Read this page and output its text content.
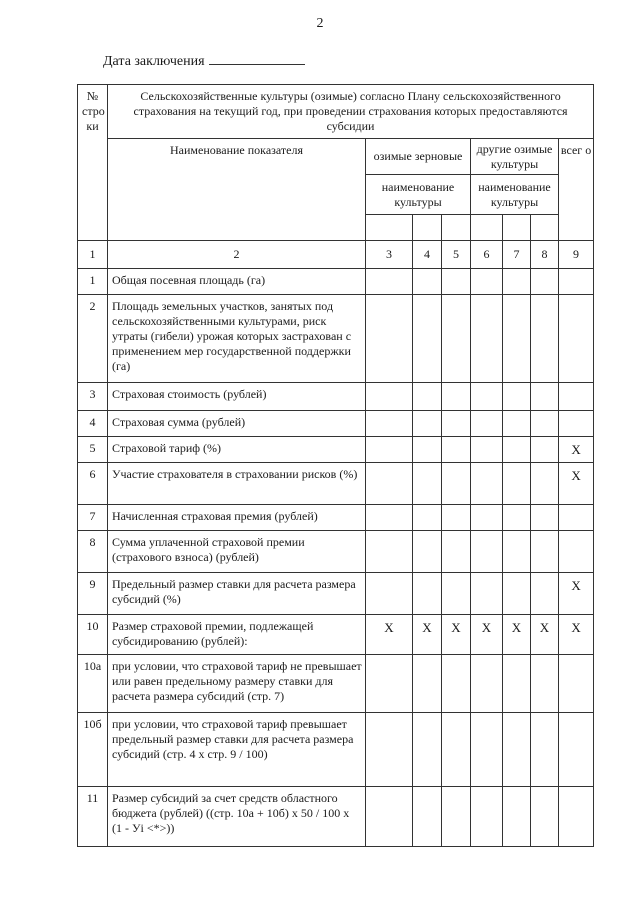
2
Дата заключения
№ стро ки	Сельскохозяйственные культуры (озимые) согласно Плану сельскохозяйственного страхования на текущий год, при проведении страхования которых предоставляются субсидии							
	Наименование показателя	озимые зерновые			другие озимые культуры			всег о
		наименование культуры			наименование культуры			

1	2	3	4	5	6	7	8	9
1	Общая посевная площадь (га)							
2	Площадь земельных участков, занятых под сельскохозяйственными культурами, риск утраты (гибели) урожая которых застрахован с применением мер государственной поддержки (га)							
3	Страховая стоимость (рублей)							
4	Страховая сумма (рублей)							
5	Страховой тариф (%)							X
6	Участие страхователя в страховании рисков (%)							X
7	Начисленная страховая премия (рублей)							
8	Сумма уплаченной страховой премии (страхового взноса) (рублей)							
9	Предельный размер ставки для расчета размера субсидий (%)							X
10	Размер страховой премии, подлежащей субсидированию (рублей):	X	X	X	X	X	X	X
10а	при условии, что страховой тариф не превышает или равен предельному размеру ставки для расчета размера субсидий (стр. 7)							
10б	при условии, что страховой тариф превышает предельный размер ставки для расчета размера субсидий (стр. 4 x стр. 9 / 100)							
11	Размер субсидий за счет средств областного бюджета (рублей) ((стр. 10а + 10б) x 50 / 100 x (1 - Уi <*>))							
